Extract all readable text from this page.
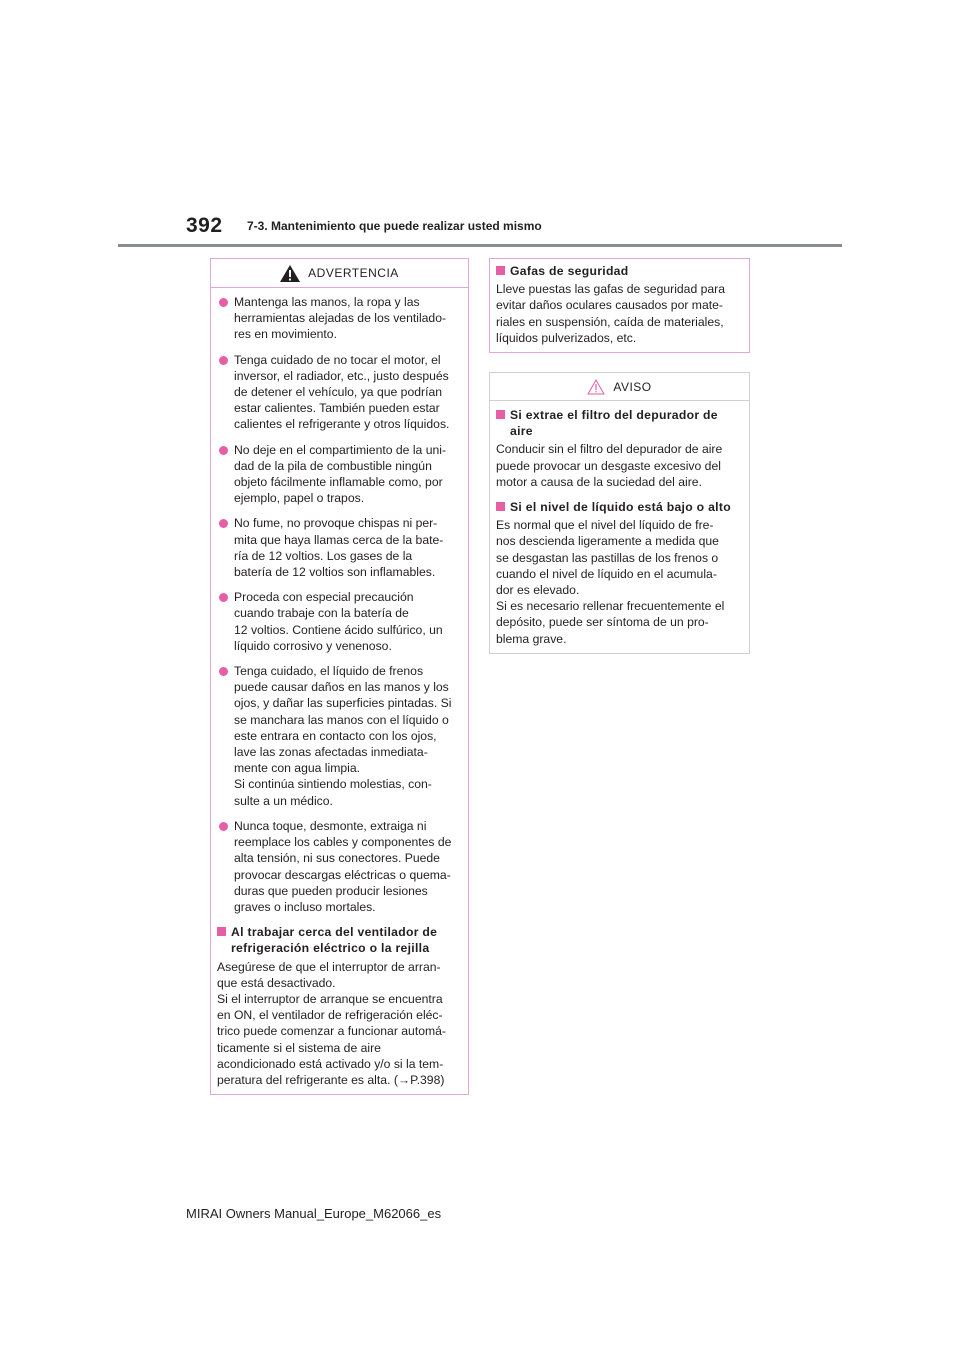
392 7-3. Mantenimiento que puede realizar usted mismo
ADVERTENCIA
Mantenga las manos, la ropa y las
herramientas alejadas de los ventilado-
res en movimiento.
Tenga cuidado de no tocar el motor, el
inversor, el radiador, etc., justo después
de detener el vehículo, ya que podrían
estar calientes. También pueden estar
calientes el refrigerante y otros líquidos.
No deje en el compartimiento de la uni-
dad de la pila de combustible ningún
objeto fácilmente inflamable como, por
ejemplo, papel o trapos.
No fume, no provoque chispas ni per-
mita que haya llamas cerca de la bate-
ría de 12 voltios. Los gases de la
batería de 12 voltios son inflamables.
Proceda con especial precaución
cuando trabaje con la batería de
12 voltios. Contiene ácido sulfúrico, un
líquido corrosivo y venenoso.
Tenga cuidado, el líquido de frenos
puede causar daños en las manos y los
ojos, y dañar las superficies pintadas. Si
se manchara las manos con el líquido o
este entrara en contacto con los ojos,
lave las zonas afectadas inmediata-
mente con agua limpia.
Si continúa sintiendo molestias, con-
sulte a un médico.
Nunca toque, desmonte, extraiga ni
reemplace los cables y componentes de
alta tensión, ni sus conectores. Puede
provocar descargas eléctricas o quema-
duras que pueden producir lesiones
graves o incluso mortales.
Al trabajar cerca del ventilador de
refrigeración eléctrico o la rejilla
Asegúrese de que el interruptor de arran-
que está desactivado.
Si el interruptor de arranque se encuentra
en ON, el ventilador de refrigeración eléc-
trico puede comenzar a funcionar automá-
ticamente si el sistema de aire
acondicionado está activado y/o si la tem-
peratura del refrigerante es alta. (→P.398)
Gafas de seguridad
Lleve puestas las gafas de seguridad para
evitar daños oculares causados por mate-
riales en suspensión, caída de materiales,
líquidos pulverizados, etc.
AVISO
Si extrae el filtro del depurador de
aire
Conducir sin el filtro del depurador de aire
puede provocar un desgaste excesivo del
motor a causa de la suciedad del aire.
Si el nivel de líquido está bajo o alto
Es normal que el nivel del líquido de fre-
nos descienda ligeramente a medida que
se desgastan las pastillas de los frenos o
cuando el nivel de líquido en el acumula-
dor es elevado.
Si es necesario rellenar frecuentemente el
depósito, puede ser síntoma de un pro-
blema grave.
MIRAI Owners Manual_Europe_M62066_es
